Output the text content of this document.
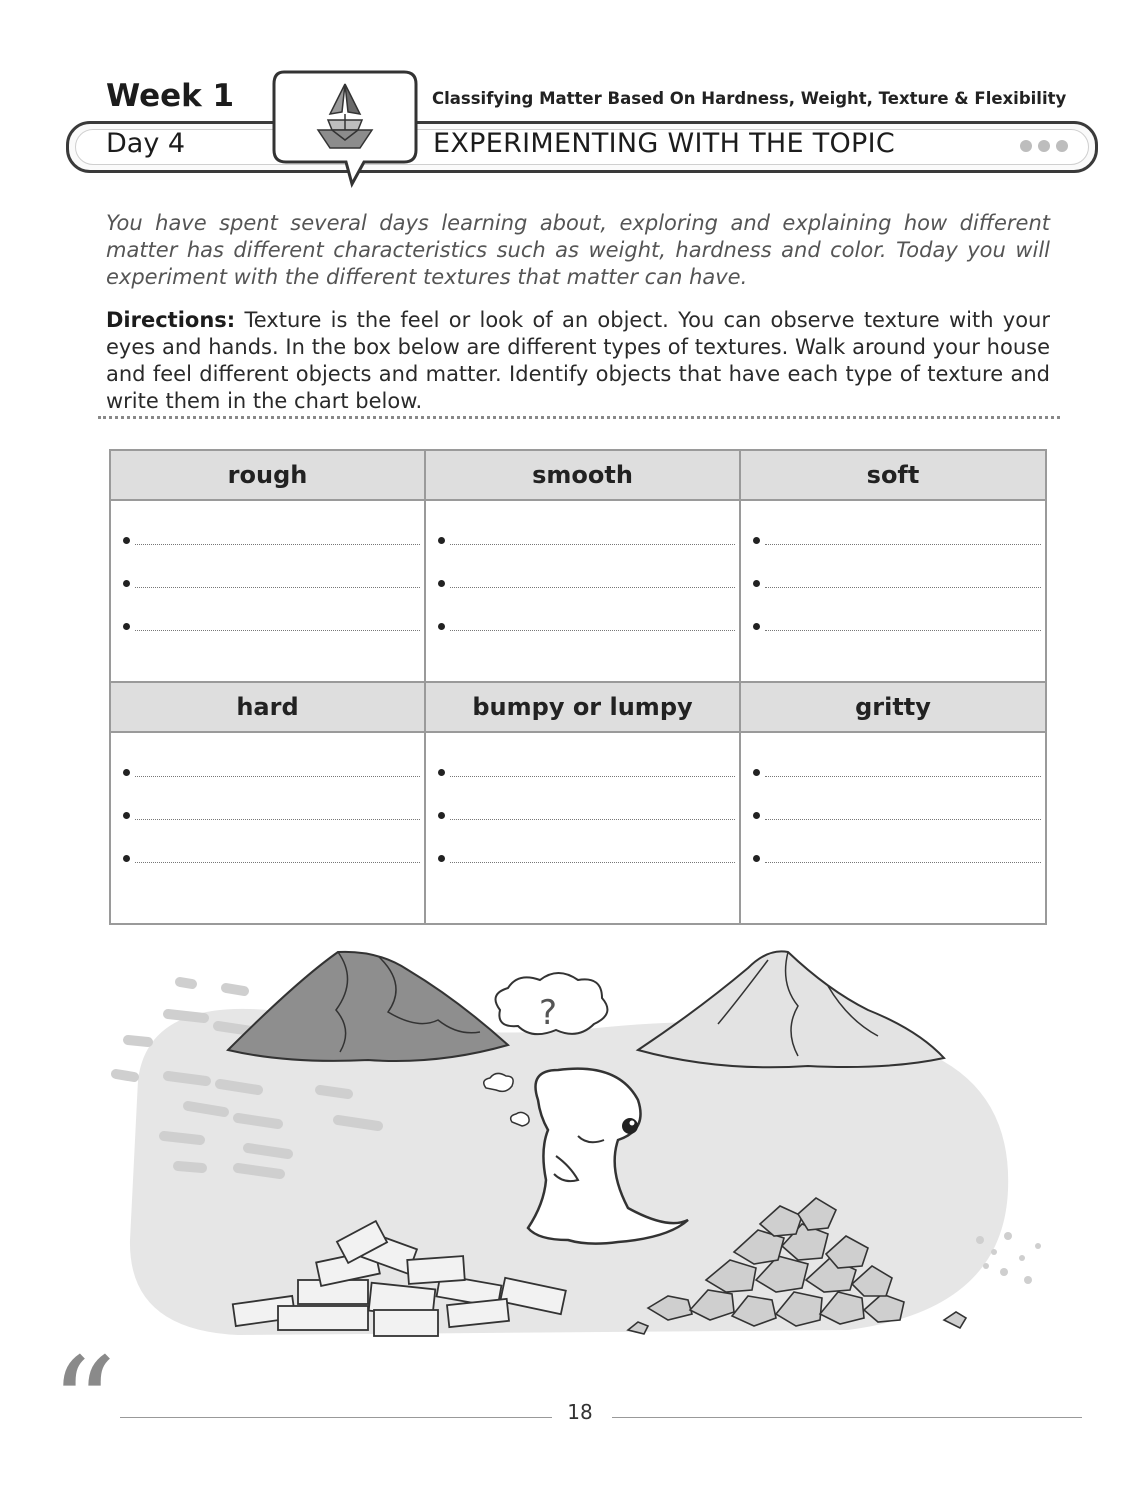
Week 1	Classifying Matter Based On Hardness, Weight, Texture & Flexibility
Day 4	EXPERIMENTING WITH THE TOPIC
You have spent several days learning about, exploring and explaining how different matter has different characteristics such as weight, hardness and color. Today you will experiment with the different textures that matter can have.
Directions: Texture is the feel or look of an object. You can observe texture with your eyes and hands. In the box below are different types of textures. Walk around your house and feel different objects and matter. Identify objects that have each type of texture and write them in the chart below.
rough	smooth	soft

hard	bumpy or lumpy	gritty

?
“	18
